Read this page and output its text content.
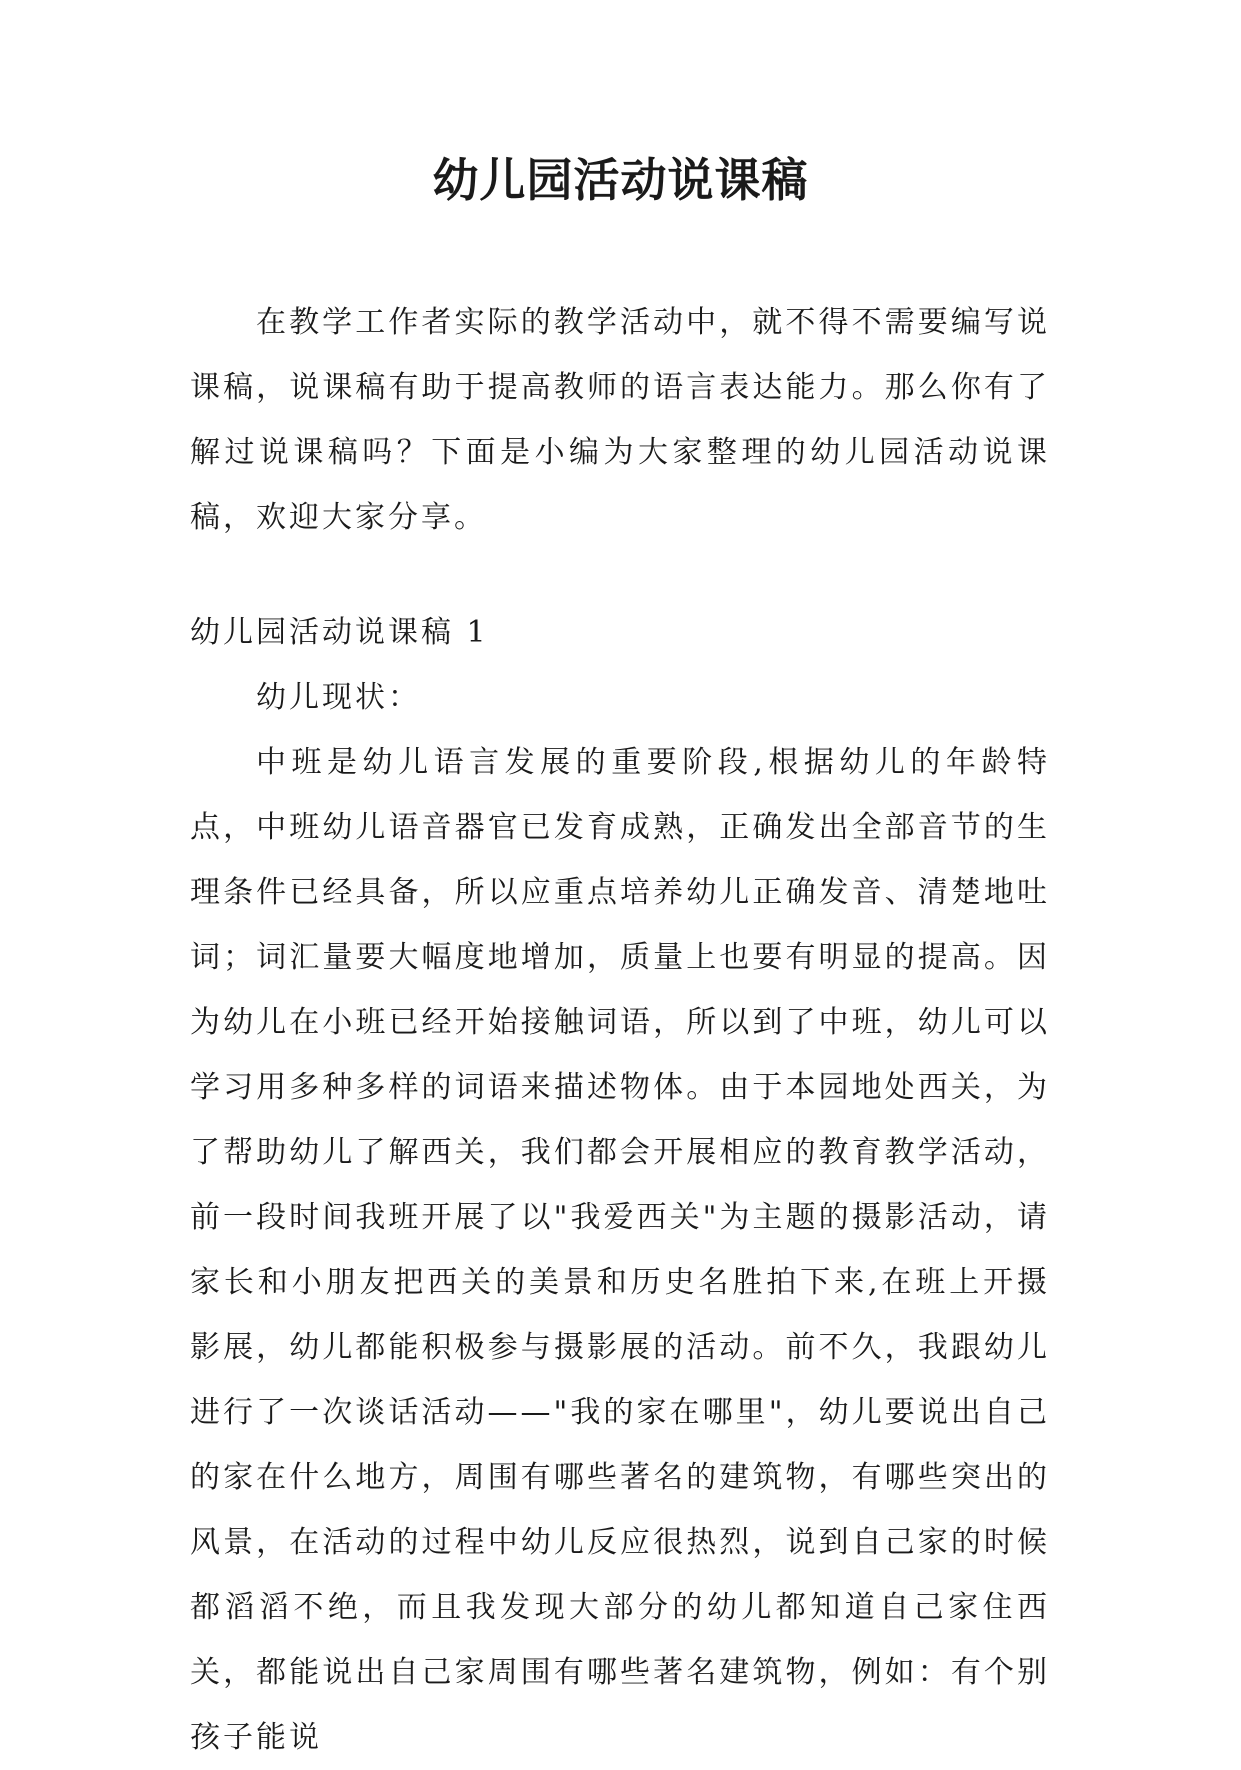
幼儿园活动说课稿

在教学工作者实际的教学活动中，就不得不需要编写说课稿，说课稿有助于提高教师的语言表达能力。那么你有了解过说课稿吗？下面是小编为大家整理的幼儿园活动说课稿，欢迎大家分享。

幼儿园活动说课稿 1

幼儿现状：

中班是幼儿语言发展的重要阶段,根据幼儿的年龄特点，中班幼儿语音器官已发育成熟，正确发出全部音节的生理条件已经具备，所以应重点培养幼儿正确发音、清楚地吐词；词汇量要大幅度地增加，质量上也要有明显的提高。因为幼儿在小班已经开始接触词语，所以到了中班，幼儿可以学习用多种多样的词语来描述物体。由于本园地处西关，为了帮助幼儿了解西关，我们都会开展相应的教育教学活动，前一段时间我班开展了以"我爱西关"为主题的摄影活动，请家长和小朋友把西关的美景和历史名胜拍下来,在班上开摄影展，幼儿都能积极参与摄影展的活动。前不久，我跟幼儿进行了一次谈话活动——"我的家在哪里"，幼儿要说出自己的家在什么地方，周围有哪些著名的建筑物，有哪些突出的风景，在活动的过程中幼儿反应很热烈，说到自己家的时候都滔滔不绝，而且我发现大部分的幼儿都知道自己家住西关，都能说出自己家周围有哪些著名建筑物，例如：有个别孩子能说
